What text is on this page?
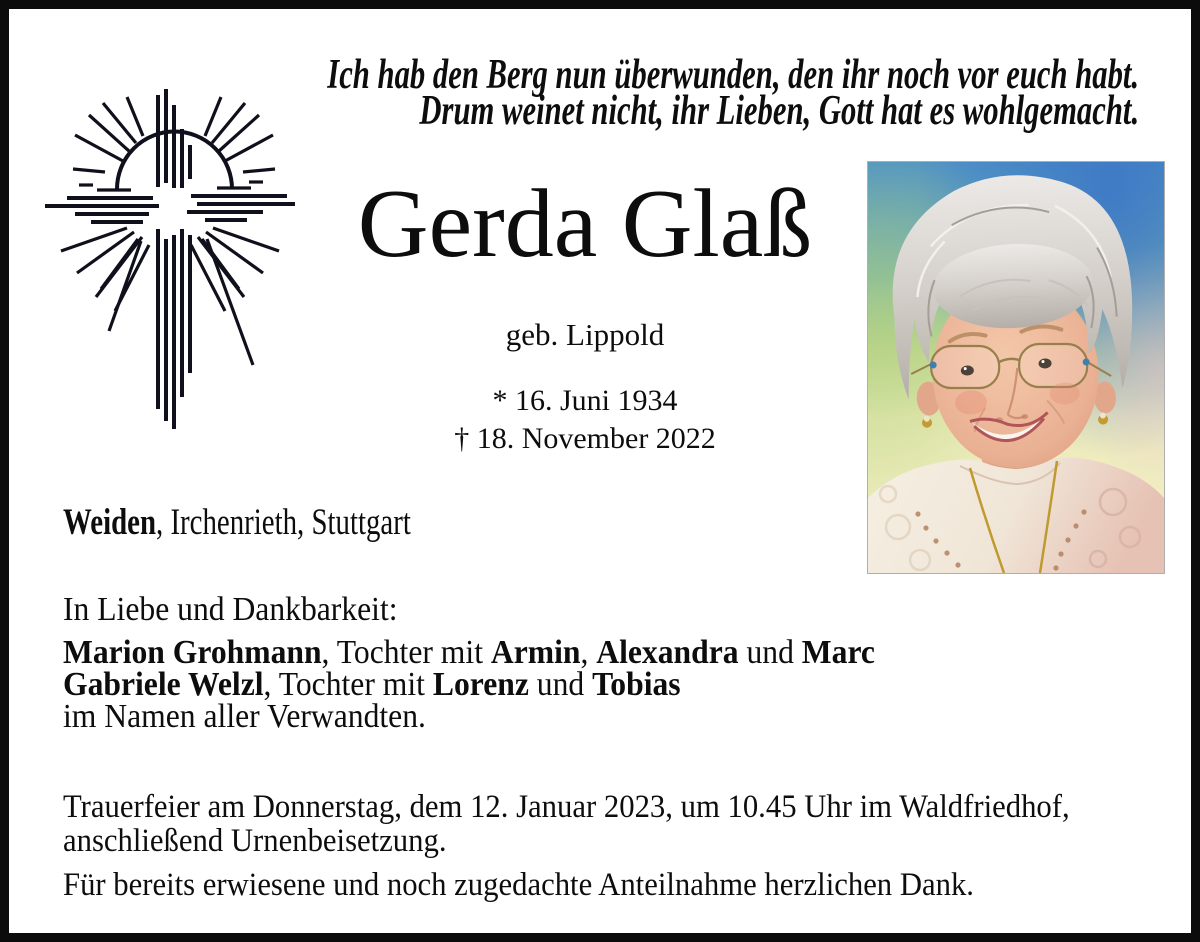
Ich hab den Berg nun überwunden, den ihr noch vor euch habt.
Drum weinet nicht, ihr Lieben, Gott hat es wohlgemacht.
Gerda Glaß
geb. Lippold
* 16. Juni 1934
† 18. November 2022
Weiden, Irchenrieth, Stuttgart

In Liebe und Dankbarkeit:

Marion Grohmann, Tochter mit Armin, Alexandra und Marc

Gabriele Welzl, Tochter mit Lorenz und Tobias

im Namen aller Verwandten.

Trauerfeier am Donnerstag, dem 12. Januar 2023, um 10.45 Uhr im Waldfriedhof,

anschließend Urnenbeisetzung.

Für bereits erwiesene und noch zugedachte Anteilnahme herzlichen Dank.
